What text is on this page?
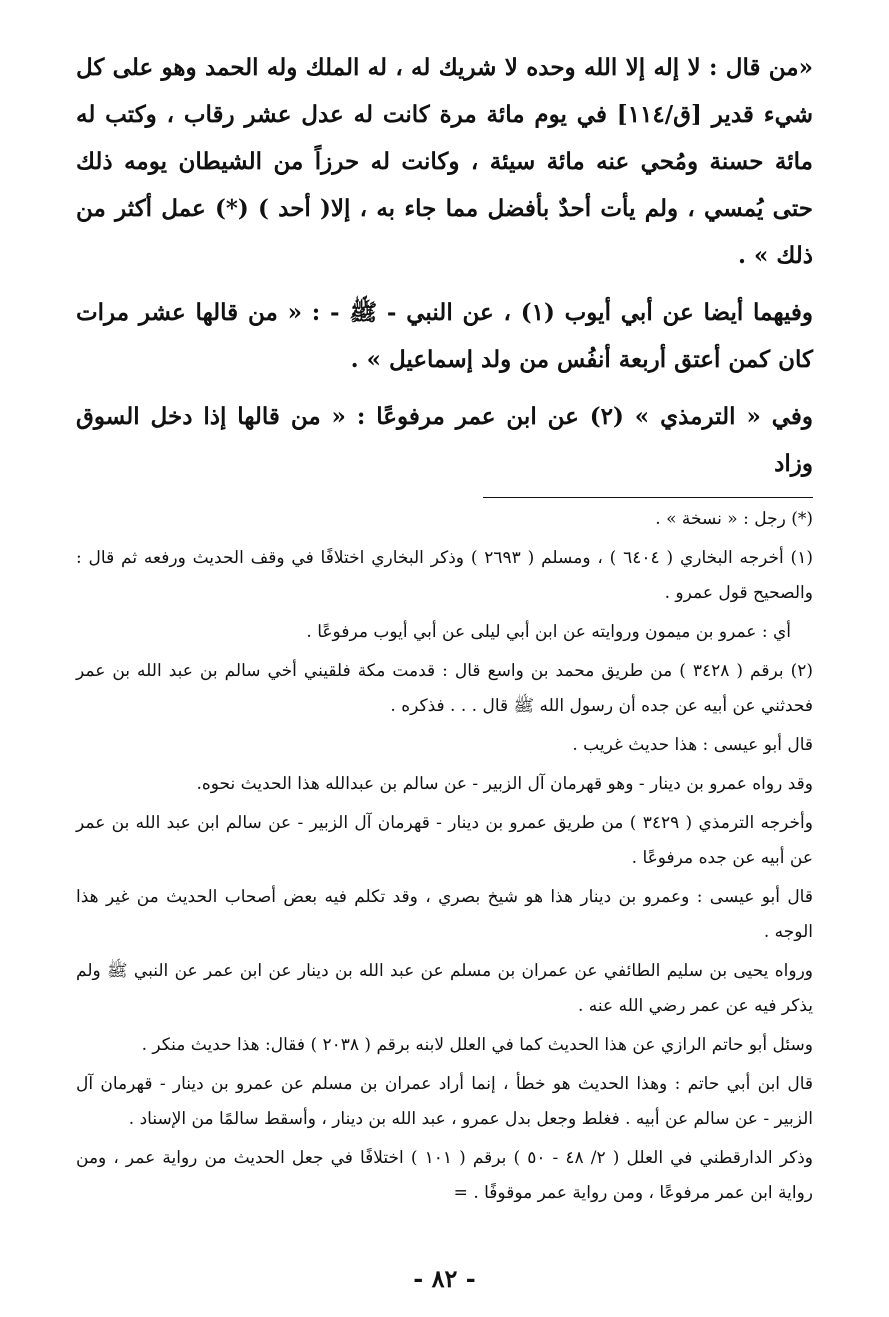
«من قال : لا إله إلا الله وحده لا شريك له ، له الملك وله الحمد وهو على كل شيء قدير [ق/١١٤] في يوم مائة مرة كانت له عدل عشر رقاب ، وكتب له مائة حسنة ومُحي عنه مائة سيئة ، وكانت له حرزاً من الشيطان يومه ذلك حتى يُمسي ، ولم يأت أحدٌ بأفضل مما جاء به ، إلا( أحد ) (*) عمل أكثر من ذلك » .

وفيهما أيضا عن أبي أيوب (١) ، عن النبي - ﷺ - : « من قالها عشر مرات كان كمن أعتق أربعة أنفُس من ولد إسماعيل » .

وفي « الترمذي » (٢) عن ابن عمر مرفوعًا : « من قالها إذا دخل السوق وزاد

(*) رجل : « نسخة » .

(١) أخرجه البخاري ( ٦٤٠٤ ) ، ومسلم ( ٢٦٩٣ ) وذكر البخاري اختلافًا في وقف الحديث ورفعه ثم قال : والصحيح قول عمرو .

أي : عمرو بن ميمون وروايته عن ابن أبي ليلى عن أبي أيوب مرفوعًا .

(٢) برقم ( ٣٤٢٨ ) من طريق محمد بن واسع قال : قدمت مكة فلقيني أخي سالم بن عبد الله بن عمر فحدثني عن أبيه عن جده أن رسول الله ﷺ قال . . . فذكره .

قال أبو عيسى : هذا حديث غريب .

وقد رواه عمرو بن دينار - وهو قهرمان آل الزبير - عن سالم بن عبدالله هذا الحديث نحوه.

وأخرجه الترمذي ( ٣٤٢٩ ) من طريق عمرو بن دينار - قهرمان آل الزبير - عن سالم ابن عبد الله بن عمر عن أبيه عن جده مرفوعًا .

قال أبو عيسى : وعمرو بن دينار هذا هو شيخ بصري ، وقد تكلم فيه بعض أصحاب الحديث من غير هذا الوجه .

ورواه يحيى بن سليم الطائفي عن عمران بن مسلم عن عبد الله بن دينار عن ابن عمر عن النبي ﷺ ولم يذكر فيه عن عمر رضي الله عنه .

وسئل أبو حاتم الرازي عن هذا الحديث كما في العلل لابنه برقم ( ٢٠٣٨ ) فقال: هذا حديث منكر .

قال ابن أبي حاتم : وهذا الحديث هو خطأ ، إنما أراد عمران بن مسلم عن عمرو بن دينار - قهرمان آل الزبير - عن سالم عن أبيه . فغلط وجعل بدل عمرو ، عبد الله بن دينار ، وأسقط سالمًا من الإسناد .

وذكر الدارقطني في العلل ( ٢/ ٤٨ - ٥٠ ) برقم ( ١٠١ ) اختلافًا في جعل الحديث من رواية عمر ، ومن رواية ابن عمر مرفوعًا ، ومن رواية عمر موقوفًا . =

- ٨٢ -
